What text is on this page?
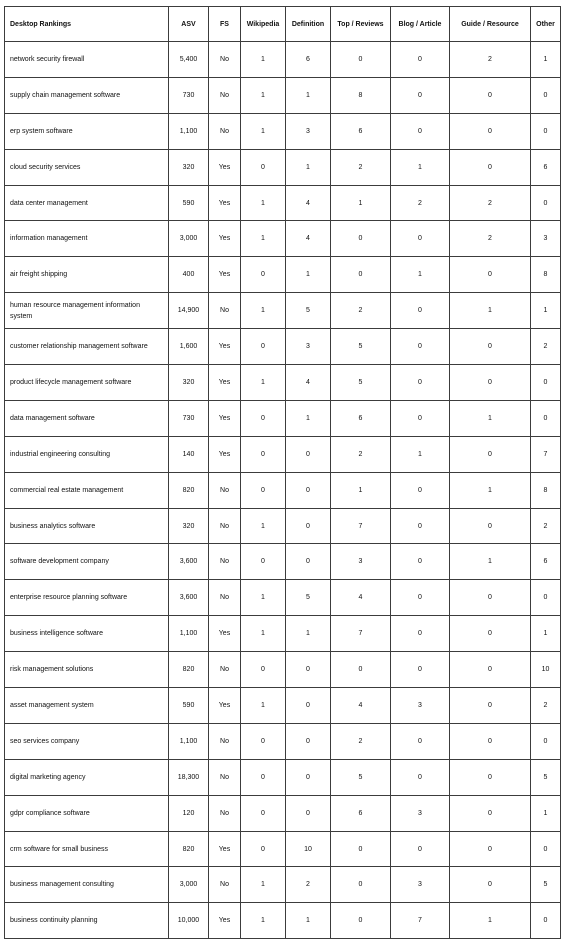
Desktop Rankings	ASV	FS	Wikipedia	Definition	Top / Reviews	Blog / Article	Guide / Resource	Other
network security firewall	5,400	No	1	6	0	0	2	1
supply chain management software	730	No	1	1	8	0	0	0
erp system software	1,100	No	1	3	6	0	0	0
cloud security services	320	Yes	0	1	2	1	0	6
data center management	590	Yes	1	4	1	2	2	0
information management	3,000	Yes	1	4	0	0	2	3
air freight shipping	400	Yes	0	1	0	1	0	8
human resource management information system	14,900	No	1	5	2	0	1	1
customer relationship management software	1,600	Yes	0	3	5	0	0	2
product lifecycle management software	320	Yes	1	4	5	0	0	0
data management software	730	Yes	0	1	6	0	1	0
industrial engineering consulting	140	Yes	0	0	2	1	0	7
commercial real estate management	820	No	0	0	1	0	1	8
business analytics software	320	No	1	0	7	0	0	2
software development company	3,600	No	0	0	3	0	1	6
enterprise resource planning software	3,600	No	1	5	4	0	0	0
business intelligence software	1,100	Yes	1	1	7	0	0	1
risk management solutions	820	No	0	0	0	0	0	10
asset management system	590	Yes	1	0	4	3	0	2
seo services company	1,100	No	0	0	2	0	0	0
digital marketing agency	18,300	No	0	0	5	0	0	5
gdpr compliance software	120	No	0	0	6	3	0	1
crm software for small business	820	Yes	0	10	0	0	0	0
business management consulting	3,000	No	1	2	0	3	0	5
business continuity planning	10,000	Yes	1	1	0	7	1	0
